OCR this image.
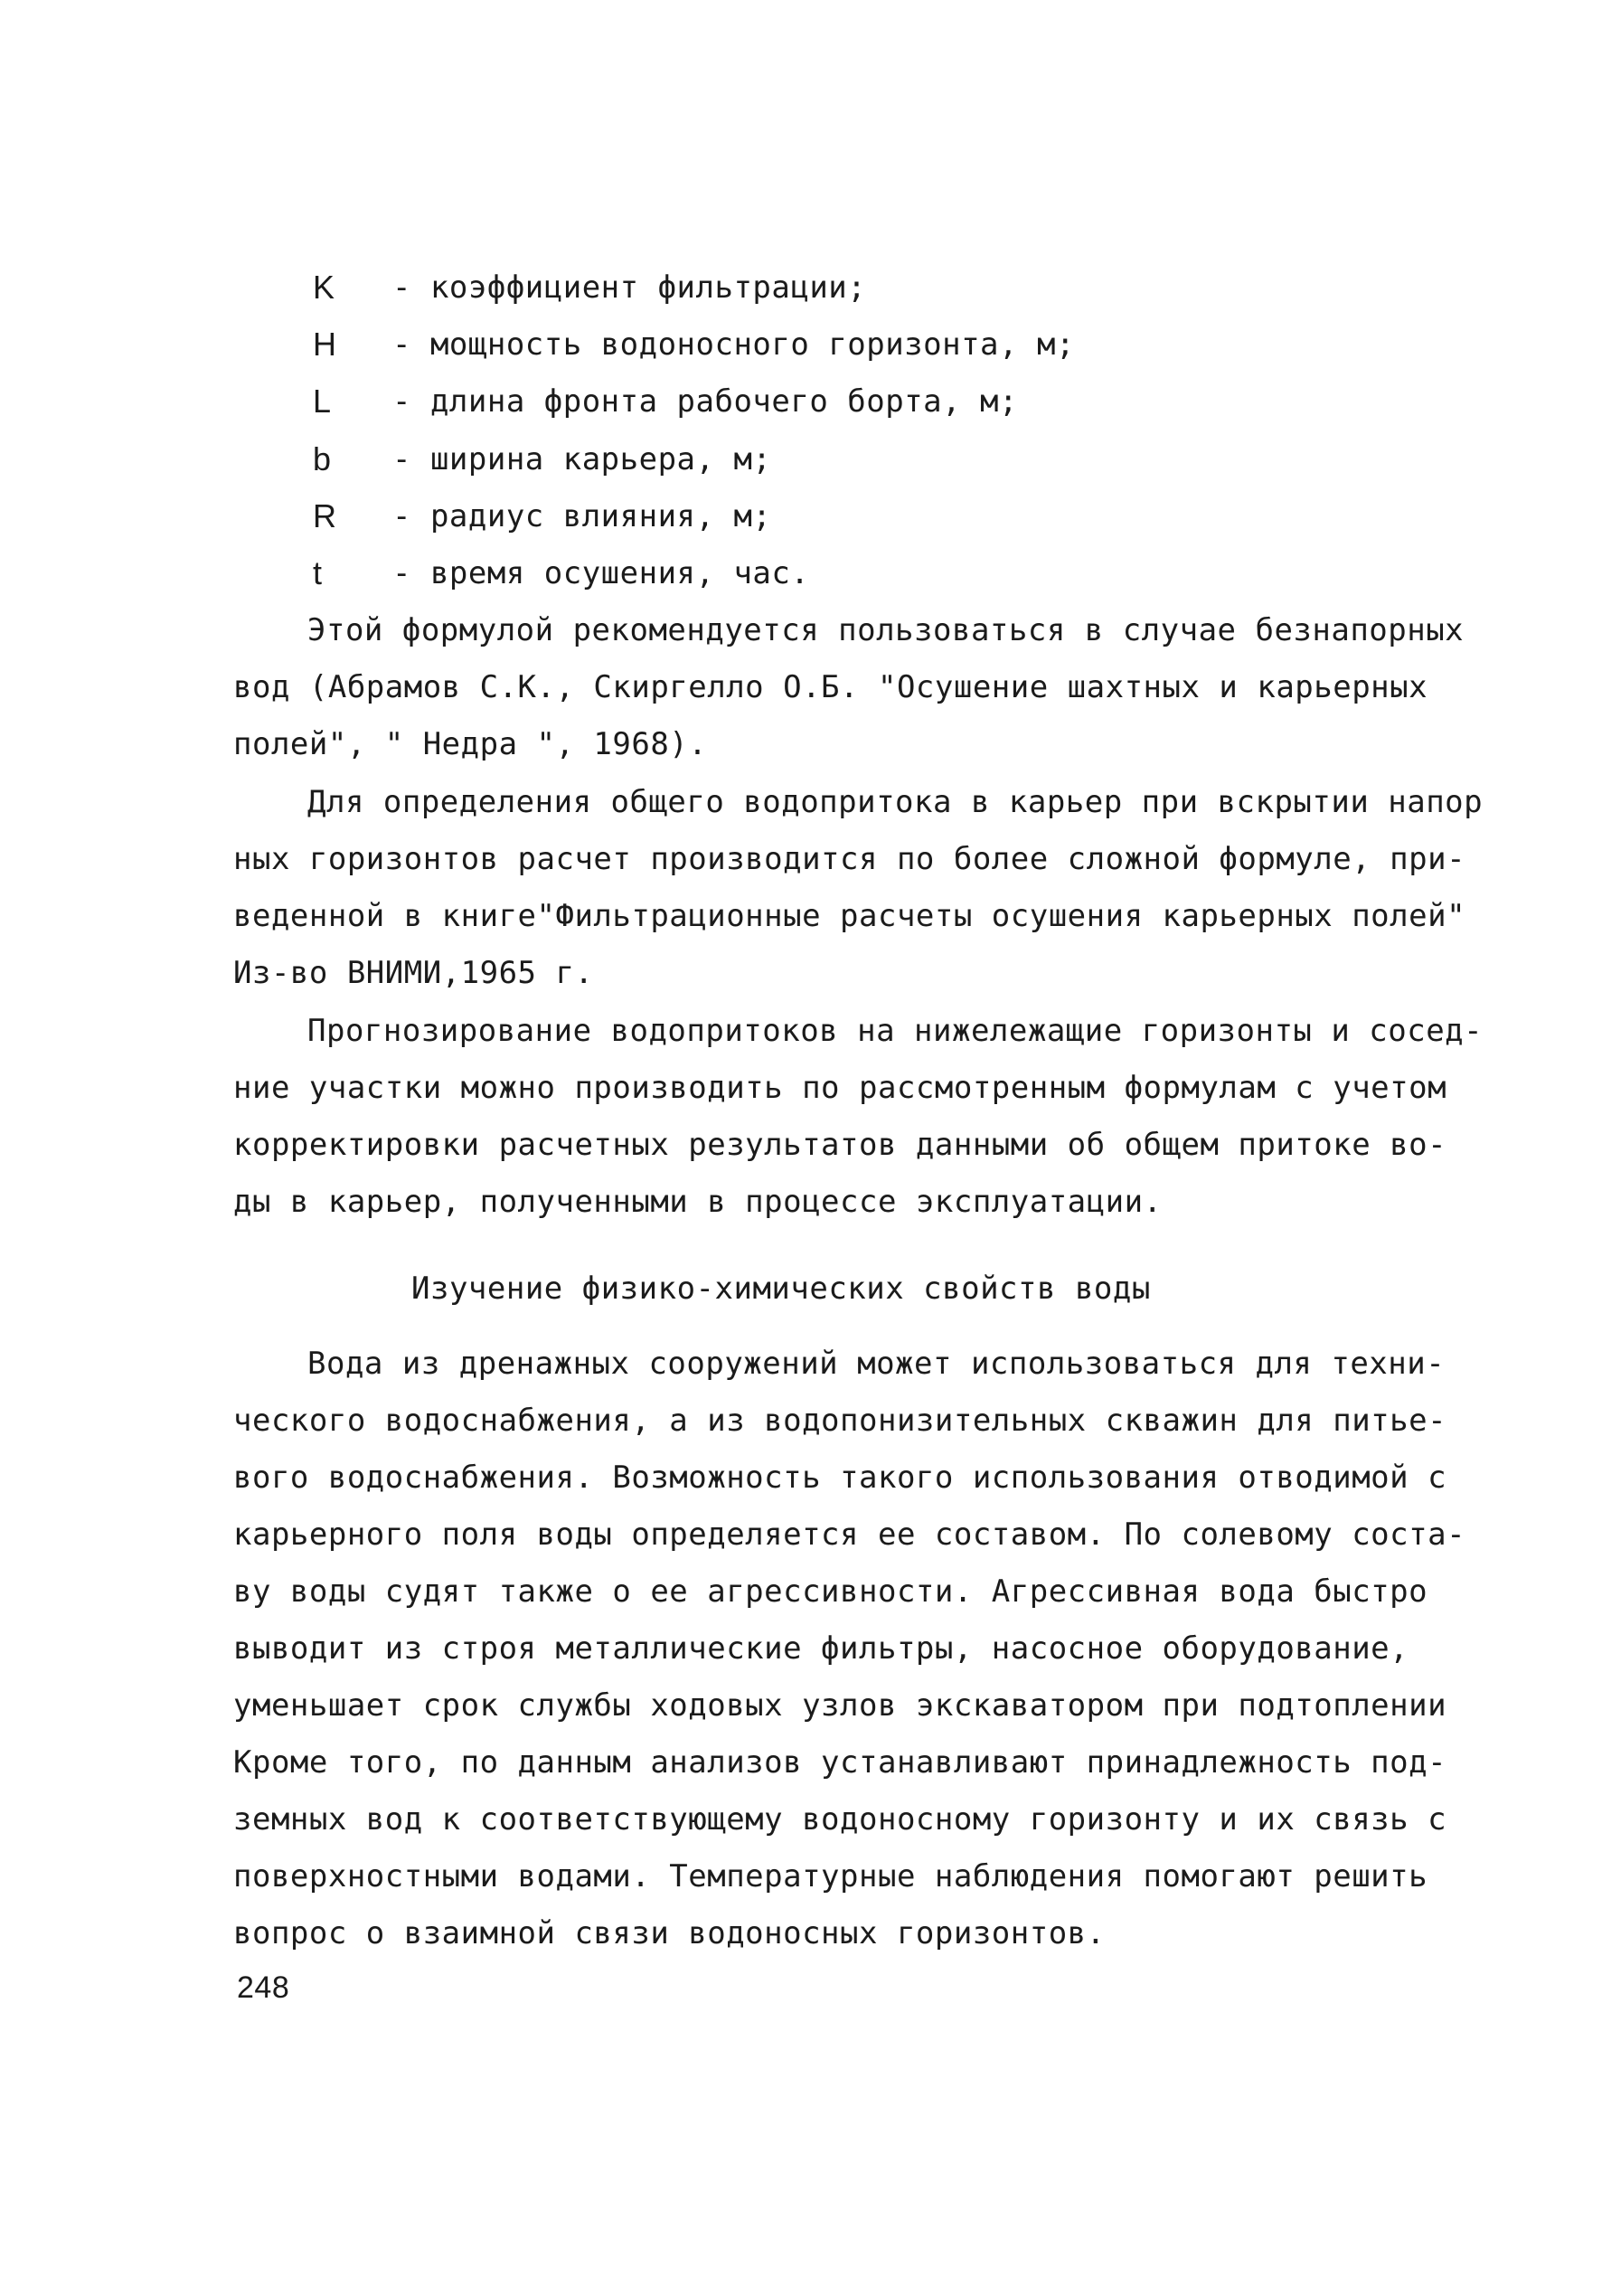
K - коэффициент фильтрации;
H - мощность водоносного горизонта, м;
L - длина фронта рабочего борта, м;
b - ширина карьера, м;
R - радиус влияния, м;
t - время осушения, час.
Этой формулой рекомендуется пользоваться в случае безнапорных
вод (Абрамов С.К., Скиргелло О.Б. "Осушение шахтных и карьерных
полей", " Недра ", 1968).
Для определения общего водопритока в карьер при вскрытии напор
ных горизонтов расчет производится по более сложной формуле, при-
веденной в книге"Фильтрационные расчеты осушения карьерных полей"
Из-во ВНИМИ,1965 г.
Прогнозирование водопритоков на нижележащие горизонты и сосед-
ние участки можно производить по рассмотренным формулам с учетом
корректировки расчетных результатов данными об общем притоке во-
ды в карьер, полученными в процессе эксплуатации.
Изучение физико-химических свойств воды
Вода из дренажных сооружений может использоваться для техни-
ческого водоснабжения, а из водопонизительных скважин для питье-
вого водоснабжения. Возможность такого использования отводимой с
карьерного поля воды определяется ее составом. По солевому соста-
ву воды судят также о ее агрессивности. Агрессивная вода быстро
выводит из строя металлические фильтры, насосное оборудование,
уменьшает срок службы ходовых узлов экскаватором при подтоплении
Кроме того, по данным анализов устанавливают принадлежность под-
земных вод к соответствующему водоносному горизонту и их связь с
поверхностными водами. Температурные наблюдения помогают решить
вопрос о взаимной связи водоносных горизонтов.
248
